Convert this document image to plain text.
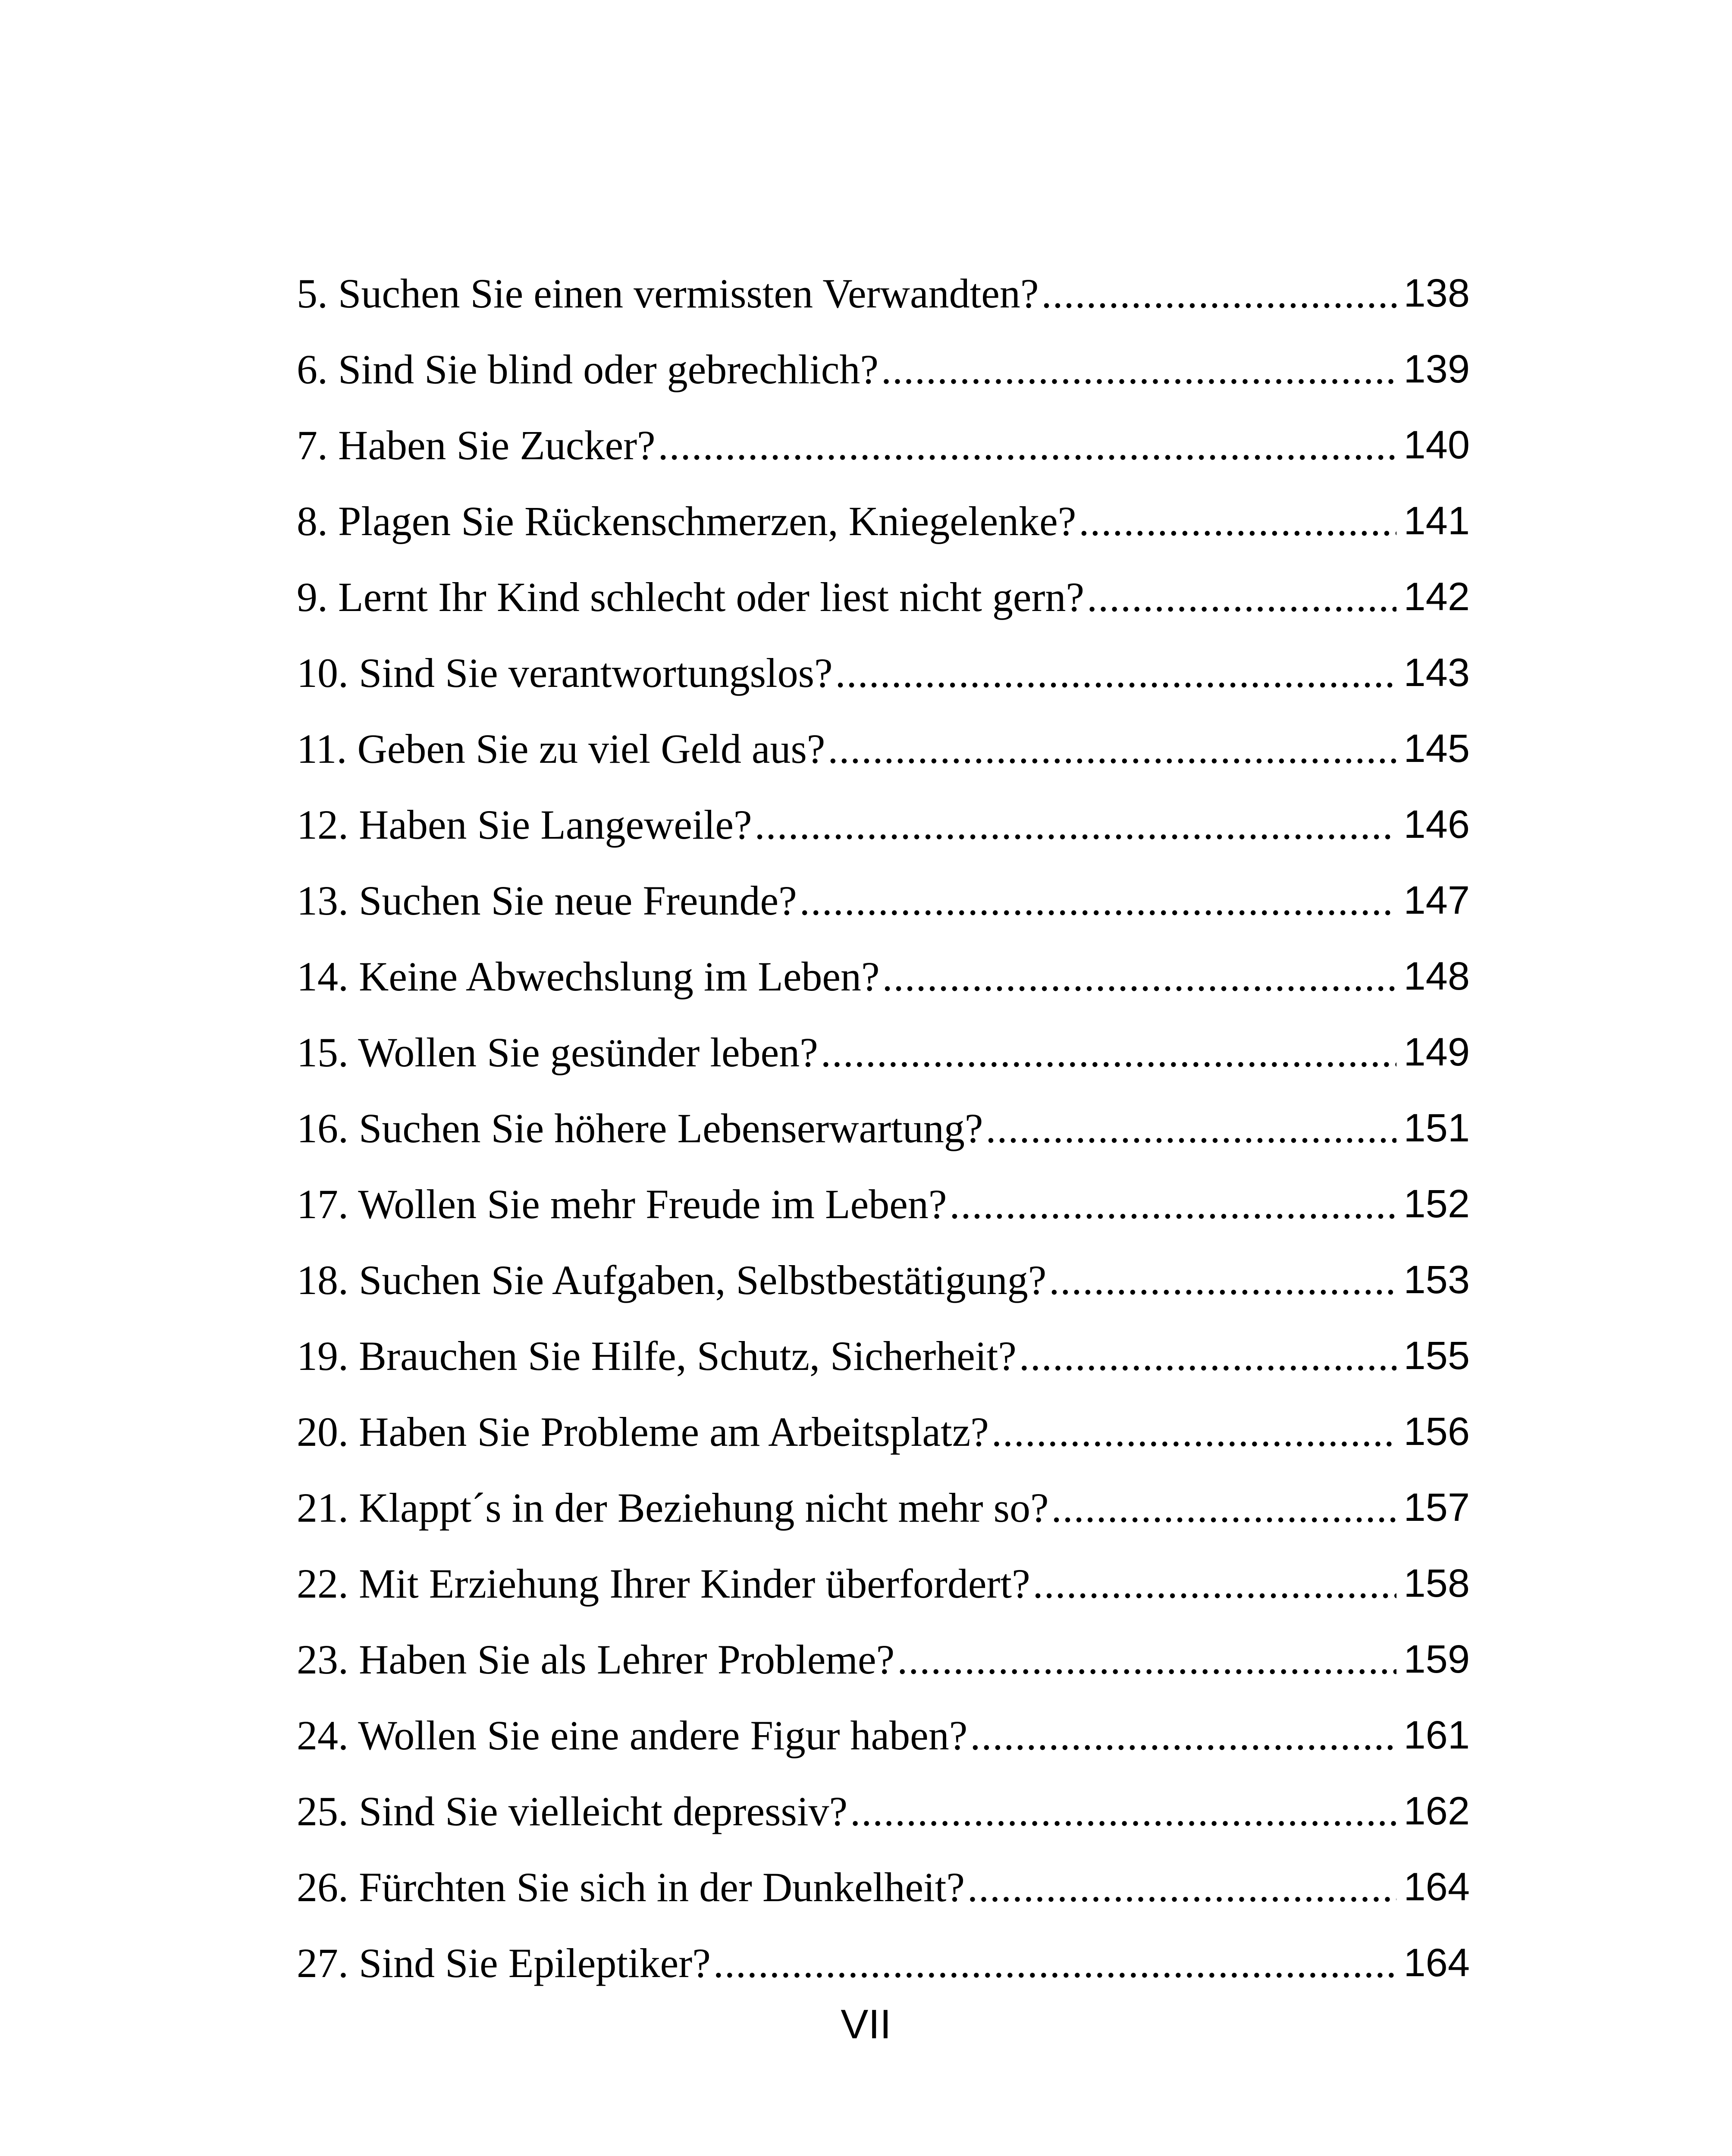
5. Suchen Sie einen vermissten Verwandten? .....	138
6. Sind Sie blind oder gebrechlich? .....	139
7. Haben Sie Zucker? .....	140
8. Plagen Sie Rückenschmerzen, Kniegelenke? .....	141
9. Lernt Ihr Kind schlecht oder liest nicht gern? .....	142
10. Sind Sie verantwortungslos? .....	143
11. Geben Sie zu viel Geld aus? .....	145
12. Haben Sie Langeweile? .....	146
13. Suchen Sie neue Freunde? .....	147
14. Keine Abwechslung im Leben? .....	148
15. Wollen Sie gesünder leben? .....	149
16. Suchen Sie höhere Lebenserwartung? .....	151
17. Wollen Sie mehr Freude im Leben? .....	152
18. Suchen Sie Aufgaben, Selbstbestätigung? .....	153
19. Brauchen Sie Hilfe, Schutz, Sicherheit? .....	155
20. Haben Sie Probleme am Arbeitsplatz? .....	156
21. Klappt´s in der Beziehung nicht mehr so? .....	157
22. Mit Erziehung Ihrer Kinder überfordert? .....	158
23. Haben Sie als Lehrer Probleme? .....	159
24. Wollen Sie eine andere Figur haben? .....	161
25. Sind Sie vielleicht depressiv? .....	162
26. Fürchten Sie sich in der Dunkelheit? .....	164
27. Sind Sie Epileptiker? .....	164
VII
